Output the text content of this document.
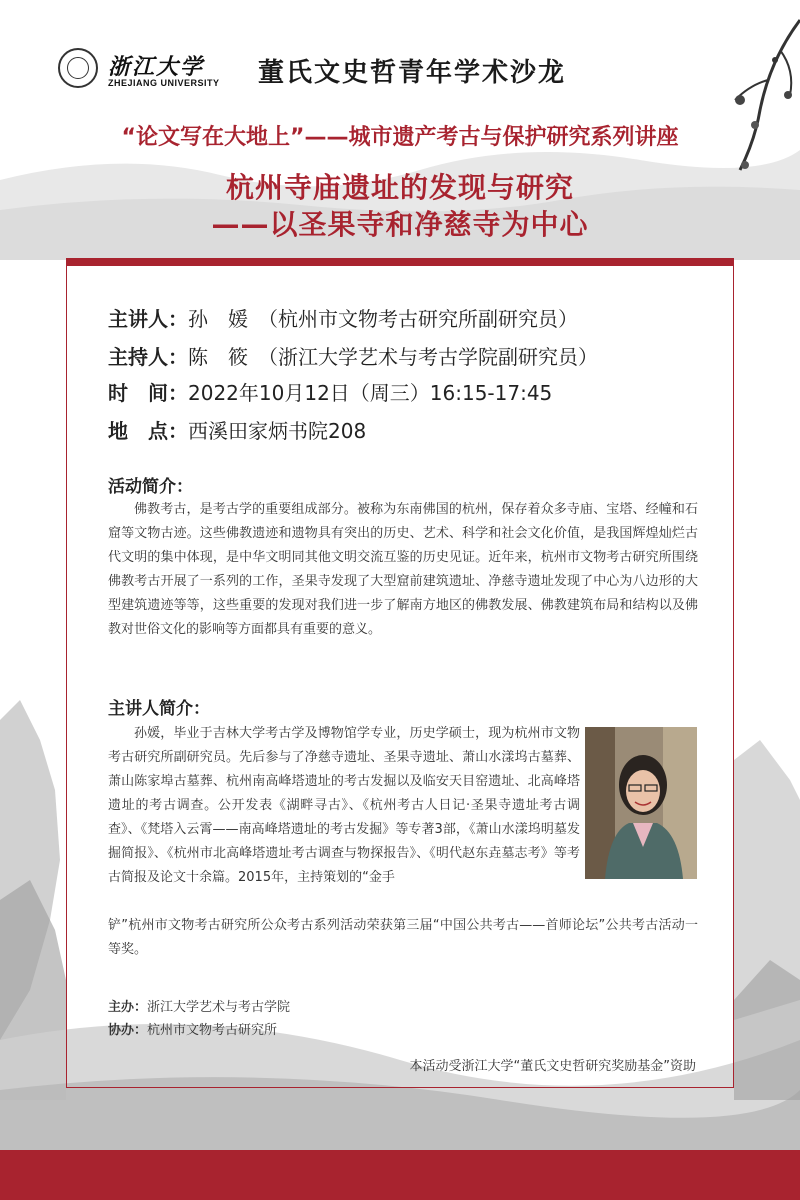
浙江大学
ZHEJIANG UNIVERSITY 董氏文史哲青年学术沙龙
“论文写在大地上”——城市遗产考古与保护研究系列讲座
杭州寺庙遗址的发现与研究
——以圣果寺和净慈寺为中心
主讲人：孙　媛　（杭州市文物考古研究所副研究员）
主持人：陈　筱　（浙江大学艺术与考古学院副研究员）
时　间：2022年10月12日（周三）16:15-17:45
地　点：西溪田家炳书院208
活动简介：
佛教考古，是考古学的重要组成部分。被称为东南佛国的杭州，保存着众多寺庙、宝塔、经幢和石窟等文物古迹。这些佛教遗迹和遗物具有突出的历史、艺术、科学和社会文化价值，是我国辉煌灿烂古代文明的集中体现，是中华文明同其他文明交流互鉴的历史见证。近年来，杭州市文物考古研究所围绕佛教考古开展了一系列的工作，圣果寺发现了大型窟前建筑遗址、净慈寺遗址发现了中心为八边形的大型建筑遗迹等等，这些重要的发现对我们进一步了解南方地区的佛教发展、佛教建筑布局和结构以及佛教对世俗文化的影响等方面都具有重要的意义。
主讲人简介：
孙媛，毕业于吉林大学考古学及博物馆学专业，历史学硕士，现为杭州市文物考古研究所副研究员。先后参与了净慈寺遗址、圣果寺遗址、萧山水漾坞古墓葬、萧山陈家埠古墓葬、杭州南高峰塔遗址的考古发掘以及临安天目窑遗址、北高峰塔遗址的考古调查。公开发表《湖畔寻古》、《杭州考古人日记·圣果寺遗址考古调查》、《梵塔入云霄——南高峰塔遗址的考古发掘》等专著3部，《萧山水漾坞明墓发掘简报》、《杭州市北高峰塔遗址考古调查与物探报告》、《明代赵东垚墓志考》等考古简报及论文十余篇。2015年，主持策划的“金手
铲”杭州市文物考古研究所公众考古系列活动荣获第三届“中国公共考古——首师论坛”公共考古活动一等奖。
主办：浙江大学艺术与考古学院
协办：杭州市文物考古研究所
本活动受浙江大学“董氏文史哲研究奖励基金”资助
